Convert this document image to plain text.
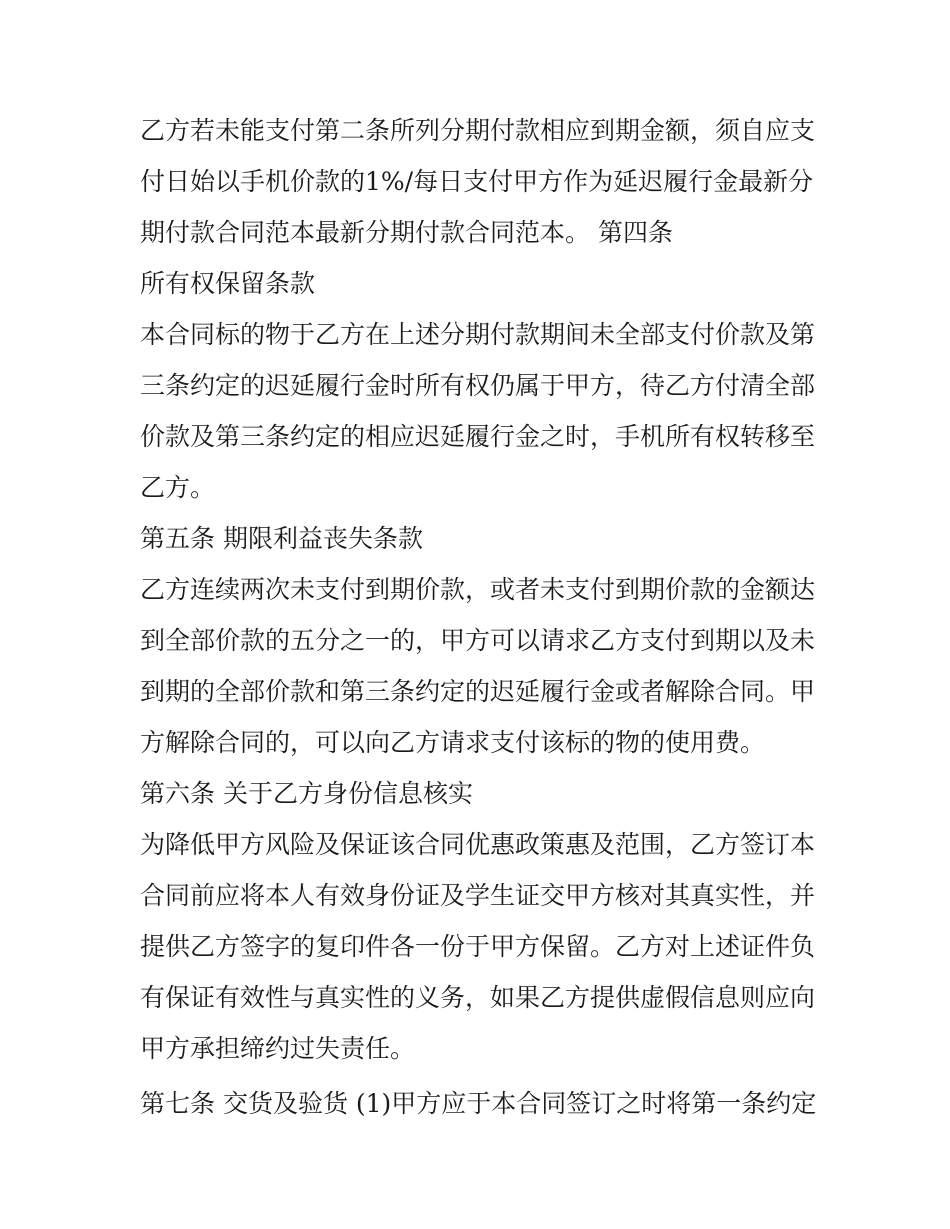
乙方若未能支付第二条所列分期付款相应到期金额，须自应支
付日始以手机价款的1%/每日支付甲方作为延迟履行金最新分
期付款合同范本最新分期付款合同范本。 第四条
所有权保留条款
本合同标的物于乙方在上述分期付款期间未全部支付价款及第
三条约定的迟延履行金时所有权仍属于甲方，待乙方付清全部
价款及第三条约定的相应迟延履行金之时，手机所有权转移至
乙方。
第五条 期限利益丧失条款
乙方连续两次未支付到期价款，或者未支付到期价款的金额达
到全部价款的五分之一的，甲方可以请求乙方支付到期以及未
到期的全部价款和第三条约定的迟延履行金或者解除合同。甲
方解除合同的，可以向乙方请求支付该标的物的使用费。
第六条 关于乙方身份信息核实
为降低甲方风险及保证该合同优惠政策惠及范围，乙方签订本
合同前应将本人有效身份证及学生证交甲方核对其真实性，并
提供乙方签字的复印件各一份于甲方保留。乙方对上述证件负
有保证有效性与真实性的义务，如果乙方提供虚假信息则应向
甲方承担缔约过失责任。
第七条 交货及验货 (1)甲方应于本合同签订之时将第一条约定
